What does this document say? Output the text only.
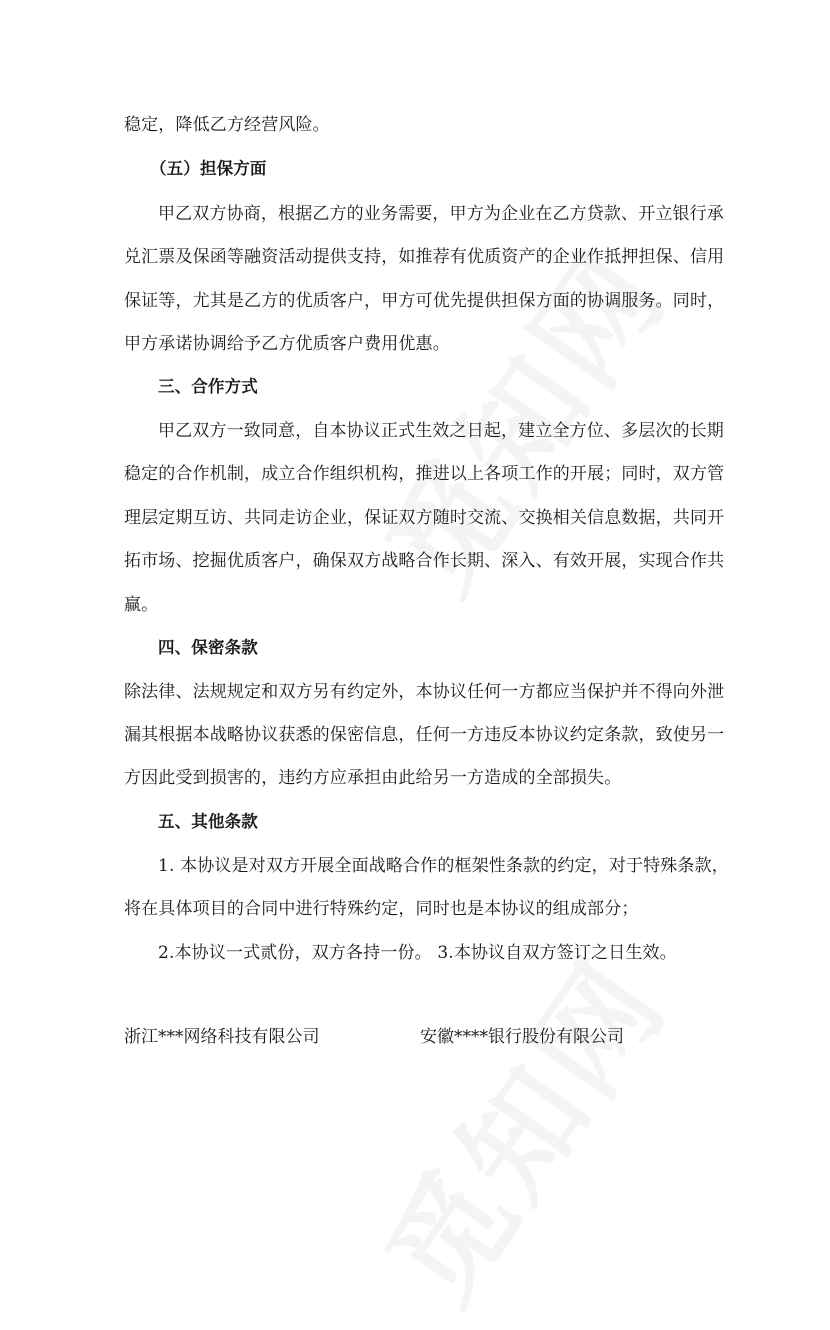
稳定，降低乙方经营风险。
（五）担保方面
甲乙双方协商，根据乙方的业务需要，甲方为企业在乙方贷款、开立银行承
兑汇票及保函等融资活动提供支持，如推荐有优质资产的企业作抵押担保、信用
保证等，尤其是乙方的优质客户，甲方可优先提供担保方面的协调服务。同时，
甲方承诺协调给予乙方优质客户费用优惠。
三、合作方式
甲乙双方一致同意，自本协议正式生效之日起，建立全方位、多层次的长期
稳定的合作机制，成立合作组织机构，推进以上各项工作的开展；同时，双方管
理层定期互访、共同走访企业，保证双方随时交流、交换相关信息数据，共同开
拓市场、挖掘优质客户，确保双方战略合作长期、深入、有效开展，实现合作共
赢。
四、保密条款
除法律、法规规定和双方另有约定外，本协议任何一方都应当保护并不得向外泄
漏其根据本战略协议获悉的保密信息，任何一方违反本协议约定条款，致使另一
方因此受到损害的，违约方应承担由此给另一方造成的全部损失。
五、其他条款
1. 本协议是对双方开展全面战略合作的框架性条款的约定，对于特殊条款，
将在具体项目的合同中进行特殊约定，同时也是本协议的组成部分；
2.本协议一式贰份，双方各持一份。 3.本协议自双方签订之日生效。
浙江***网络科技有限公司	安徽****银行股份有限公司
